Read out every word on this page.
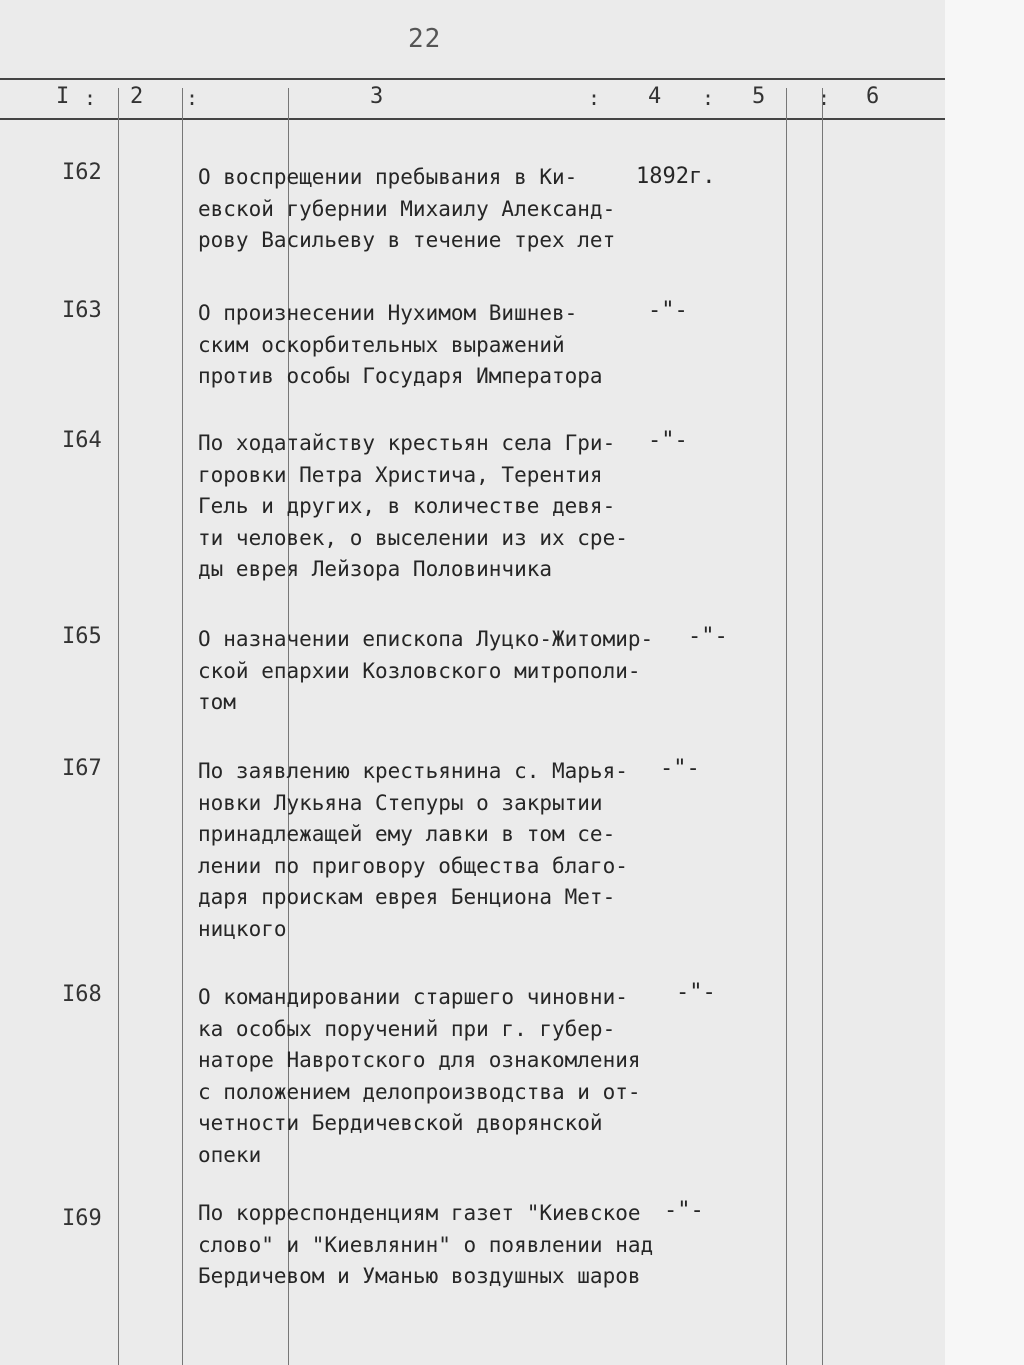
22
I : 2 :	3	: 4 : 5	: 6
I62	О воспрещении пребывания в Ки-
евской губернии Михаилу Александ-
рову Васильеву в течение трех лет
1892г.
I63	О произнесении Нухимом Вишнев-
ским оскорбительных выражений
против особы Государя Императора
-"-
I64	По ходатайству крестьян села Гри-
горовки Петра Христича, Терентия
Гель и других, в количестве девя-
ти человек, о выселении из их сре-
ды еврея Лейзора Половинчика
-"-
I65	О назначении епископа Луцко-Житомир-
ской епархии Козловского митрополи-
том
-"-
I67	По заявлению крестьянина с. Марья-
новки Лукьяна Степуры о закрытии
принадлежащей ему лавки в том се-
лении по приговору общества благо-
даря проискам еврея Бенциона Мет-
ницкого
-"-
I68	О командировании старшего чиновни-
ка особых поручений при г. губер-
наторе Навротского для ознакомления
с положением делопроизводства и от-
четности Бердичевской дворянской
опеки
-"-
I69	По корреспонденциям газет "Киевское
слово" и "Киевлянин" о появлении над
Бердичевом и Уманью воздушных шаров
-"-
